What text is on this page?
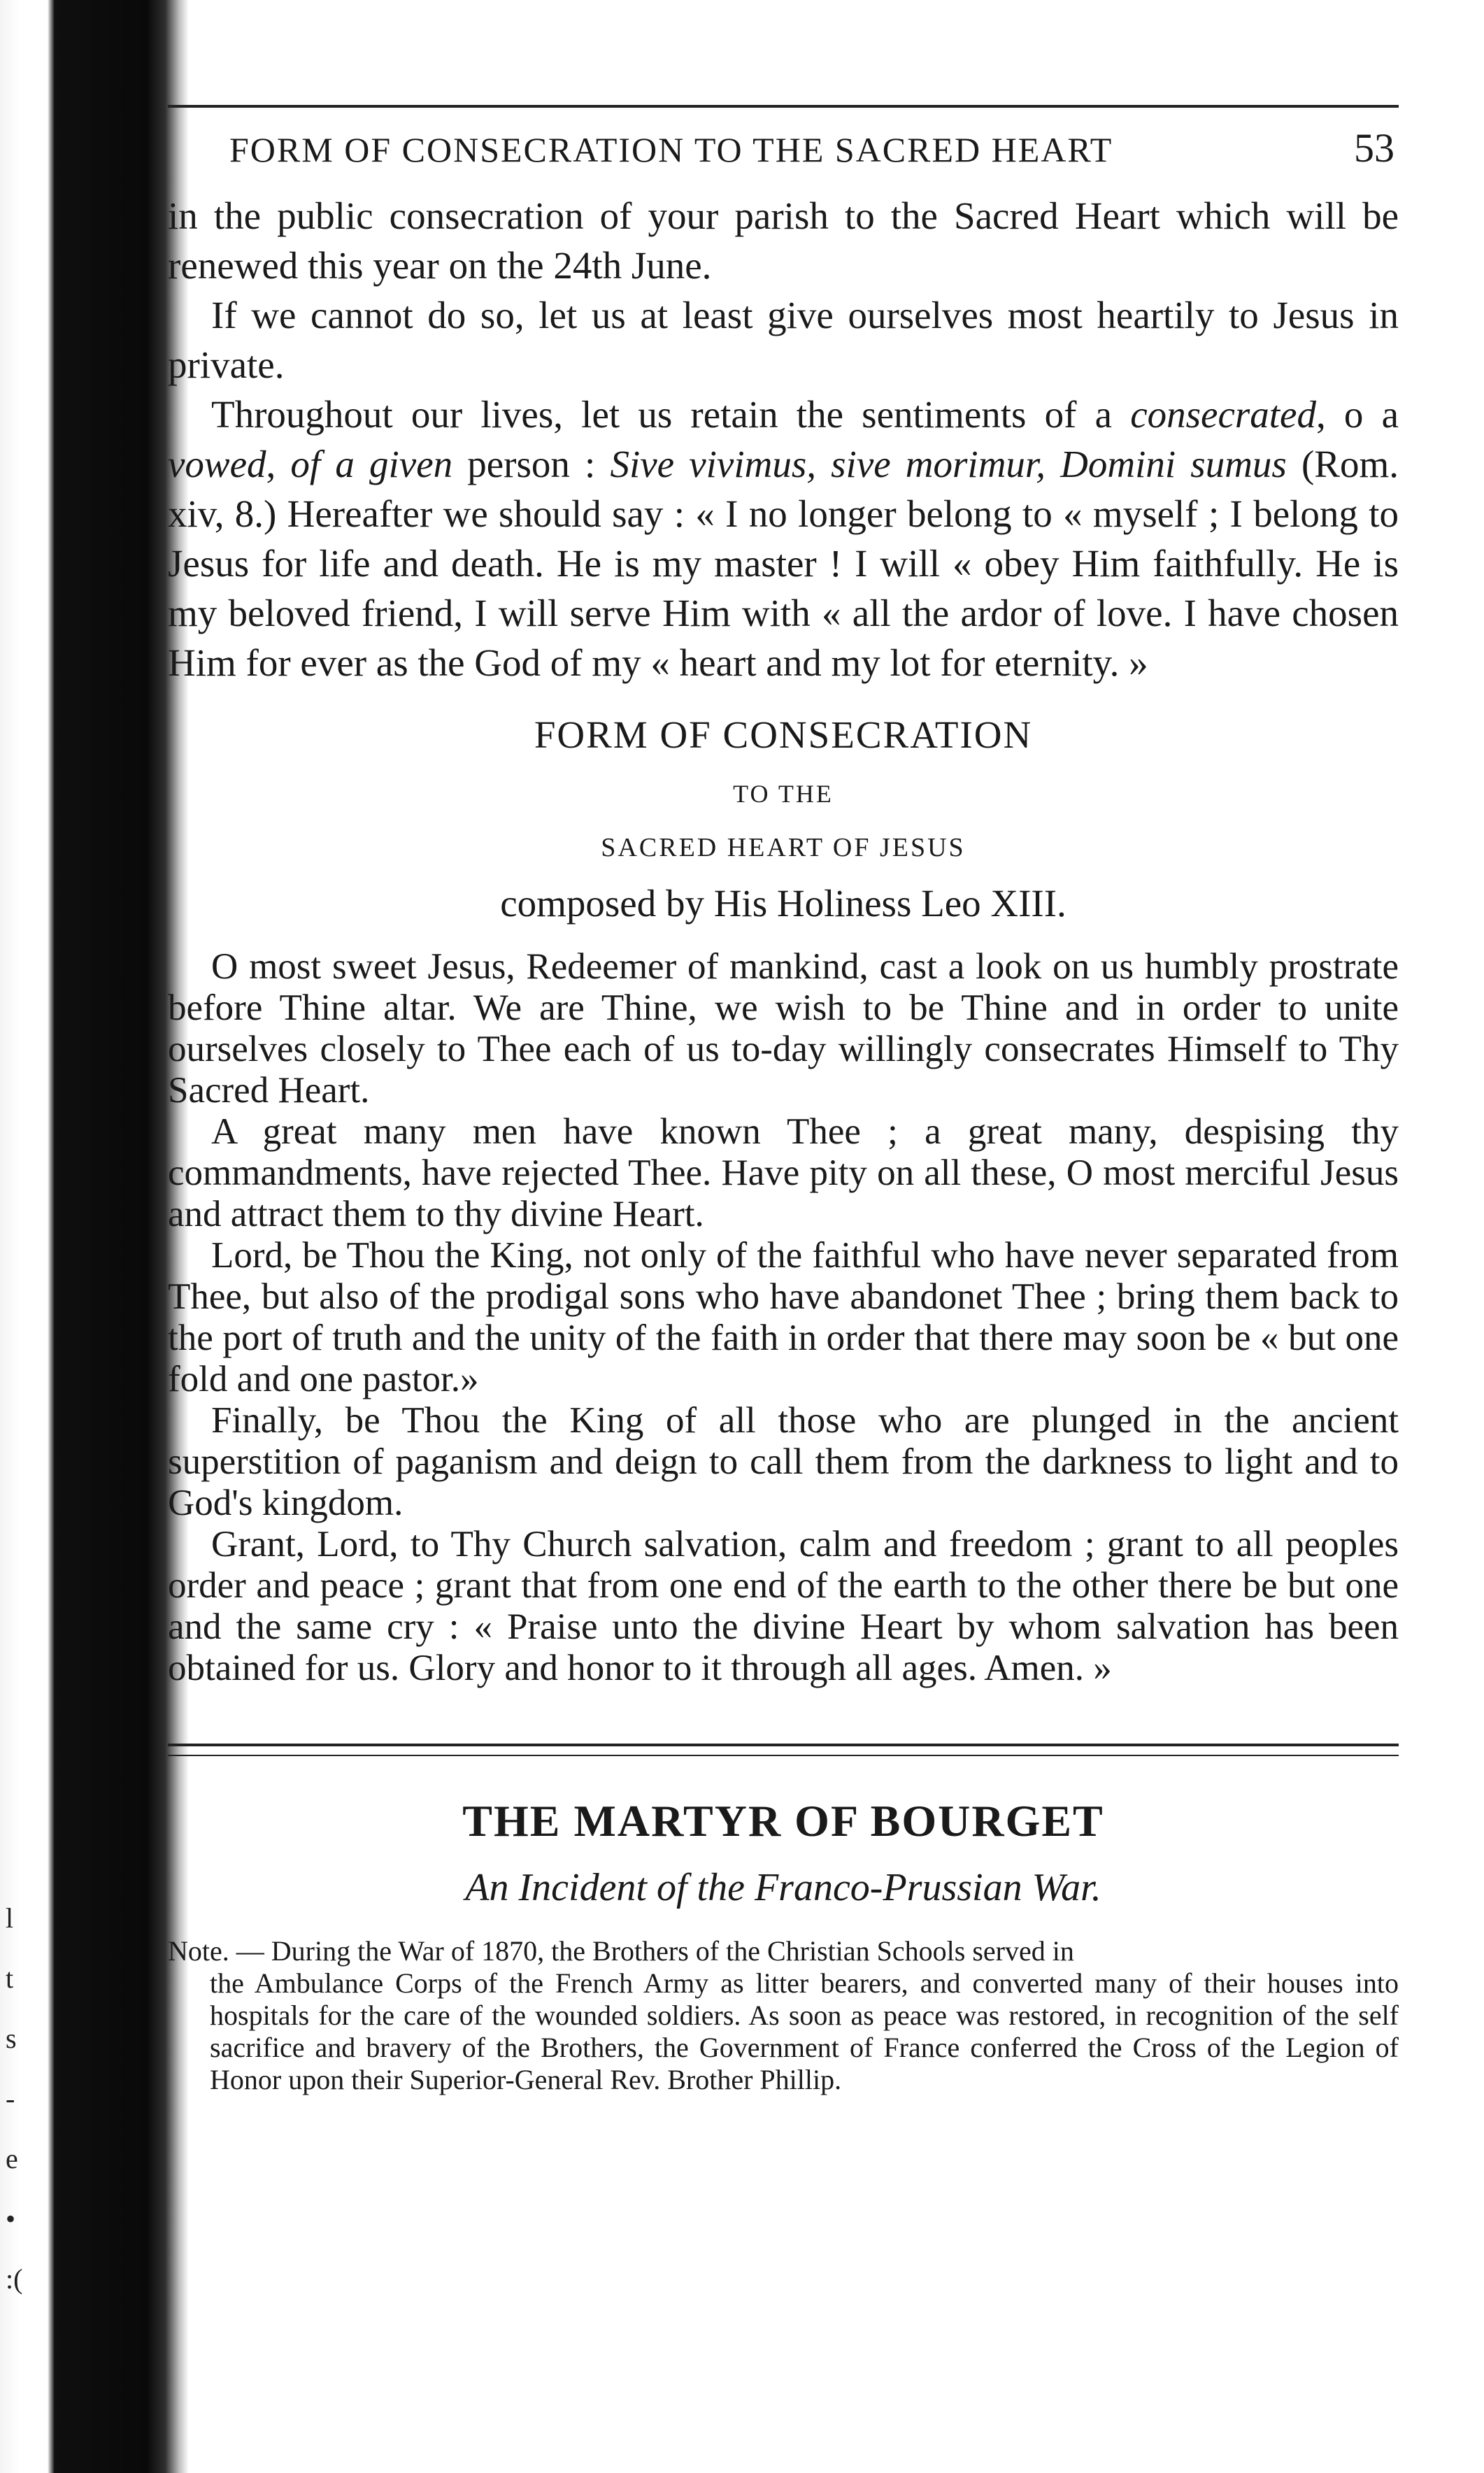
l
t
s
-
e
•
:(
FORM OF CONSECRATION TO THE SACRED HEART	53

in the public consecration of your parish to the Sacred Heart which will be renewed this year on the 24th June.

If we cannot do so, let us at least give ourselves most heartily to Jesus in private.

Throughout our lives, let us retain the sentiments of a consecrated, o a vowed, of a given person : Sive vivimus, sive morimur, Domini sumus (Rom. xiv, 8.) Hereafter we should say : « I no longer belong to « myself ; I belong to Jesus for life and death. He is my master ! I will « obey Him faithfully. He is my beloved friend, I will serve Him with « all the ardor of love. I have chosen Him for ever as the God of my « heart and my lot for eternity. »

FORM OF CONSECRATION

TO THE

SACRED HEART OF JESUS

composed by His Holiness Leo XIII.

O most sweet Jesus, Redeemer of mankind, cast a look on us humbly prostrate before Thine altar. We are Thine, we wish to be Thine and in order to unite ourselves closely to Thee each of us to-day willingly consecrates Himself to Thy Sacred Heart.

A great many men have known Thee ; a great many, despising thy commandments, have rejected Thee. Have pity on all these, O most merciful Jesus and attract them to thy divine Heart.

Lord, be Thou the King, not only of the faithful who have never separated from Thee, but also of the prodigal sons who have abandonet Thee ; bring them back to the port of truth and the unity of the faith in order that there may soon be « but one fold and one pastor.»

Finally, be Thou the King of all those who are plunged in the ancient superstition of paganism and deign to call them from the darkness to light and to God's kingdom.

Grant, Lord, to Thy Church salvation, calm and freedom ; grant to all peoples order and peace ; grant that from one end of the earth to the other there be but one and the same cry : « Praise unto the divine Heart by whom salvation has been obtained for us. Glory and honor to it through all ages. Amen. »

THE MARTYR OF BOURGET

An Incident of the Franco-Prussian War.

Note. — During the War of 1870, the Brothers of the Christian Schools served in

the Ambulance Corps of the French Army as litter bearers, and converted many of their houses into hospitals for the care of the wounded soldiers. As soon as peace was restored, in recognition of the self sacrifice and bravery of the Brothers, the Government of France conferred the Cross of the Legion of Honor upon their Superior-General Rev. Brother Phillip.
